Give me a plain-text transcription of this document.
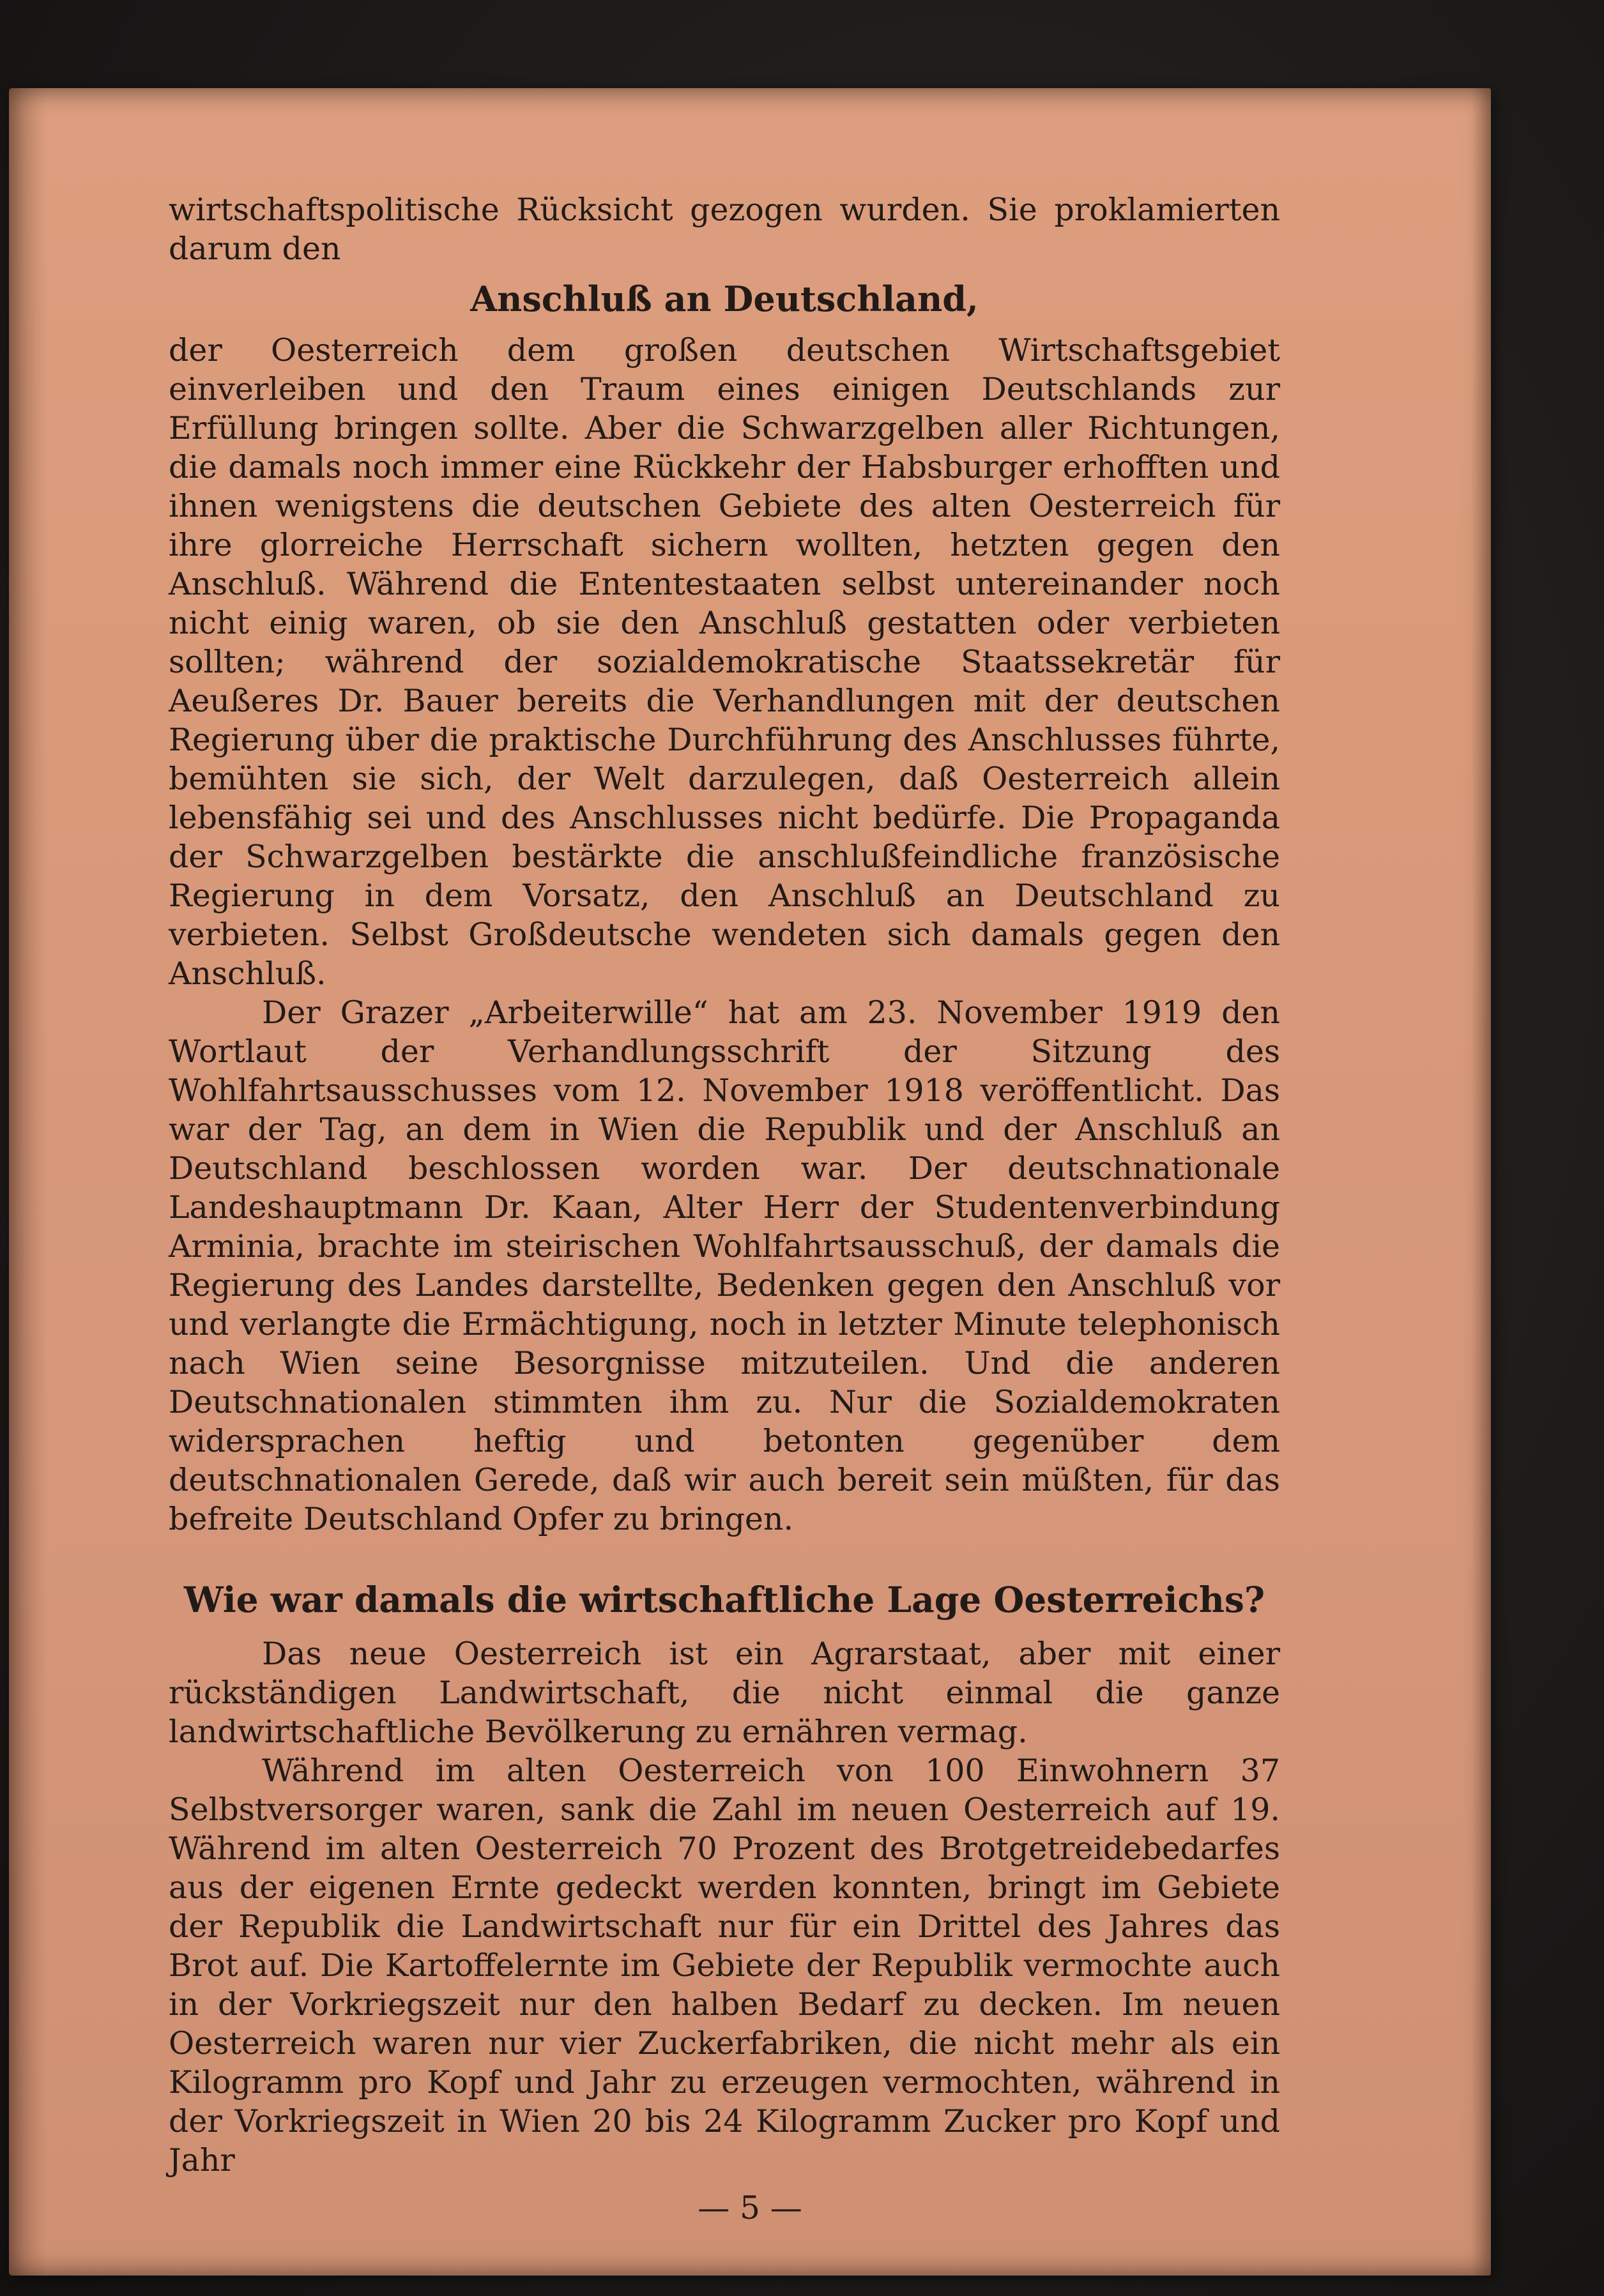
wirtschaftspolitische Rücksicht gezogen wurden. Sie proklamierten darum den

Anschluß an Deutschland,

der Oesterreich dem großen deutschen Wirtschaftsgebiet einverleiben und den Traum eines einigen Deutschlands zur Erfüllung bringen sollte. Aber die Schwarzgelben aller Richtungen, die damals noch immer eine Rückkehr der Habsburger erhofften und ihnen wenigstens die deutschen Gebiete des alten Oesterreich für ihre glorreiche Herrschaft sichern wollten, hetzten gegen den Anschluß. Während die Ententestaaten selbst untereinander noch nicht einig waren, ob sie den Anschluß gestatten oder verbieten sollten; während der sozialdemokratische Staatssekretär für Aeußeres Dr. Bauer bereits die Verhandlungen mit der deutschen Regierung über die praktische Durchführung des Anschlusses führte, bemühten sie sich, der Welt darzulegen, daß Oesterreich allein lebensfähig sei und des Anschlusses nicht bedürfe. Die Propaganda der Schwarzgelben bestärkte die anschlußfeindliche französische Regierung in dem Vorsatz, den Anschluß an Deutschland zu verbieten. Selbst Großdeutsche wendeten sich damals gegen den Anschluß.

Der Grazer „Arbeiterwille“ hat am 23. November 1919 den Wortlaut der Verhandlungsschrift der Sitzung des Wohlfahrtsausschusses vom 12. November 1918 veröffentlicht. Das war der Tag, an dem in Wien die Republik und der Anschluß an Deutschland beschlossen worden war. Der deutschnationale Landeshauptmann Dr. Kaan, Alter Herr der Studentenverbindung Arminia, brachte im steirischen Wohlfahrtsausschuß, der damals die Regierung des Landes darstellte, Bedenken gegen den Anschluß vor und verlangte die Ermächtigung, noch in letzter Minute telephonisch nach Wien seine Besorgnisse mitzuteilen. Und die anderen Deutschnationalen stimmten ihm zu. Nur die Sozialdemokraten widersprachen heftig und betonten gegenüber dem deutschnationalen Gerede, daß wir auch bereit sein müßten, für das befreite Deutschland Opfer zu bringen.

Wie war damals die wirtschaftliche Lage Oesterreichs?

Das neue Oesterreich ist ein Agrarstaat, aber mit einer rückständigen Landwirtschaft, die nicht einmal die ganze landwirtschaftliche Bevölkerung zu ernähren vermag.

Während im alten Oesterreich von 100 Einwohnern 37 Selbstversorger waren, sank die Zahl im neuen Oesterreich auf 19. Während im alten Oesterreich 70 Prozent des Brotgetreidebedarfes aus der eigenen Ernte gedeckt werden konnten, bringt im Gebiete der Republik die Landwirtschaft nur für ein Drittel des Jahres das Brot auf. Die Kartoffelernte im Gebiete der Republik vermochte auch in der Vorkriegszeit nur den halben Bedarf zu decken. Im neuen Oesterreich waren nur vier Zuckerfabriken, die nicht mehr als ein Kilogramm pro Kopf und Jahr zu erzeugen vermochten, während in der Vorkriegszeit in Wien 20 bis 24 Kilogramm Zucker pro Kopf und Jahr

— 5 —
